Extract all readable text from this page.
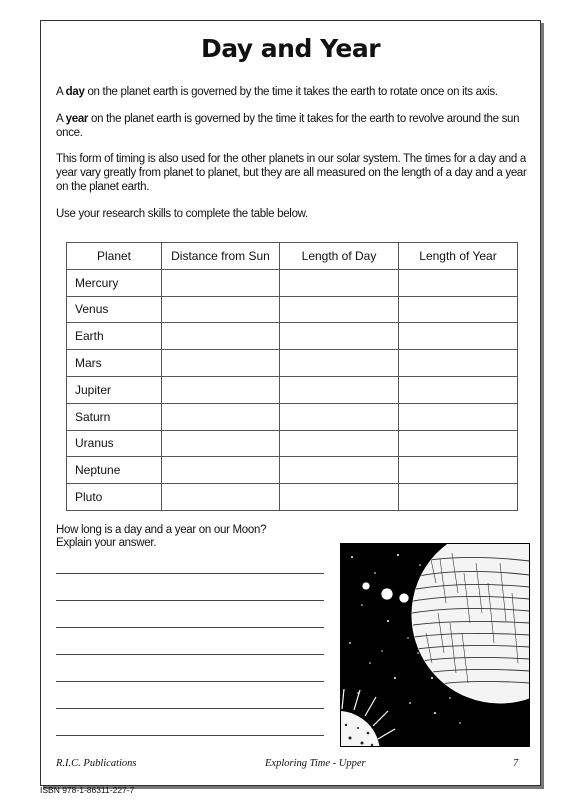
Day and Year
A day on the planet earth is governed by the time it takes the earth to rotate once on its axis.
A year on the planet earth is governed by the time it takes for the earth to revolve around the sun once.
This form of timing is also used for the other planets in our solar system. The times for a day and a year vary greatly from planet to planet, but they are all measured on the length of a day and a year on the planet earth.
Use your research skills to complete the table below.
Planet	Distance from Sun	Length of Day	Length of Year
Mercury			
Venus			
Earth			
Mars			
Jupiter			
Saturn			
Uranus			
Neptune			
Pluto			
How long is a day and a year on our Moon?
Explain your answer.
R.I.C. Publications	Exploring Time - Upper	7
ISBN 978-1-86311-227-7
